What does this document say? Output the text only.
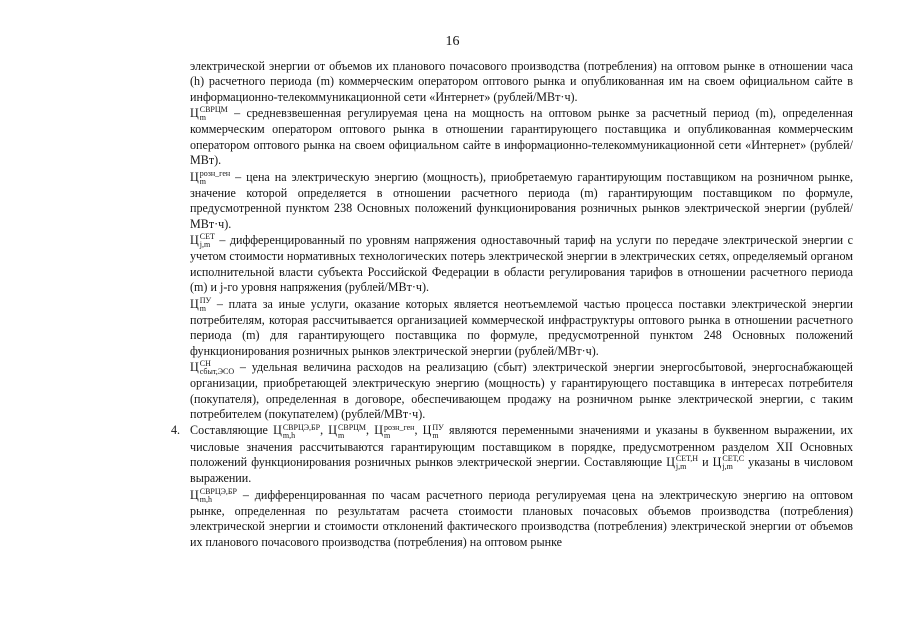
16

электрической энергии от объемов их планового почасового производства (потребления) на оптовом рынке в отношении часа (h) расчетного периода (m) коммерческим оператором оптового рынка и опубликованная им на своем официальном сайте в информационно-телекоммуникационной сети «Интернет» (рублей/МВт·ч).

Ц СВРЦМ
m	– средневзвешенная регулируемая цена на мощность на оптовом рынке за расчетный период (m), определенная коммерческим оператором оптового рынка в отношении гарантирующего поставщика и опубликованная коммерческим оператором оптового рынка на своем официальном сайте в информационно-телекоммуникационной сети «Интернет» (рублей/МВт).

Ц розн_ген
m	– цена на электрическую энергию (мощность), приобретаемую гарантирующим поставщиком на розничном рынке, значение которой определяется в отношении расчетного периода (m) гарантирующим поставщиком по формуле, предусмотренной пунктом 238 Основных положений функционирования розничных рынков электрической энергии (рублей/МВт·ч).

Ц СЕТ
j,m – дифференцированный по уровням напряжения одноставочный тариф на услуги по передаче электрической энергии с учетом стоимости нормативных технологических потерь электрической энергии в электрических сетях, определяемый органом исполнительной власти субъекта Российской Федерации в области регулирования тарифов в отношении расчетного периода (m) и j-го уровня напряжения (рублей/МВт·ч).

Ц ПУ
m – плата за иные услуги, оказание которых является неотъемлемой частью процесса поставки электрической энергии потребителям, которая рассчитывается организацией коммерческой инфраструктуры оптового рынка в отношении расчетного периода (m) для гарантирующего поставщика по формуле, предусмотренной пунктом 248 Основных положений функционирования розничных рынков электрической энергии (рублей/МВт·ч).

Ц СН
сбыт,ЭСО – удельная величина расходов на реализацию (сбыт) электрической энергии энергосбытовой, энергоснабжающей организации, приобретающей электрическую энергию (мощность) у гарантирующего поставщика в интересах потребителя (покупателя), определенная в договоре, обеспечивающем продажу на розничном рынке электрической энергии, с таким потребителем (покупателем) (рублей/МВт·ч).

4. Составляющие Ц СВРЦЭ,БР
m,h	, Ц СВРЦМ
m	, Ц розн_ген
m	, Ц ПУ
m являются переменными значениями и указаны в буквенном выражении, их числовые значения рассчитываются гарантирующим поставщиком в порядке, предусмотренном разделом XII Основных положений функционирования розничных рынков электрической энергии. Составляющие Ц СЕТ,Н
j,m и Ц СЕТ,С
j,m указаны в числовом выражении.

Ц СВРЦЭ,БР
m,h	– дифференцированная по часам расчетного периода регулируемая цена на электрическую энергию на оптовом рынке, определенная по результатам расчета стоимости плановых почасовых объемов производства (потребления) электрической энергии и стоимости отклонений фактического производства (потребления) электрической энергии от объемов их планового почасового производства (потребления) на оптовом рынке
